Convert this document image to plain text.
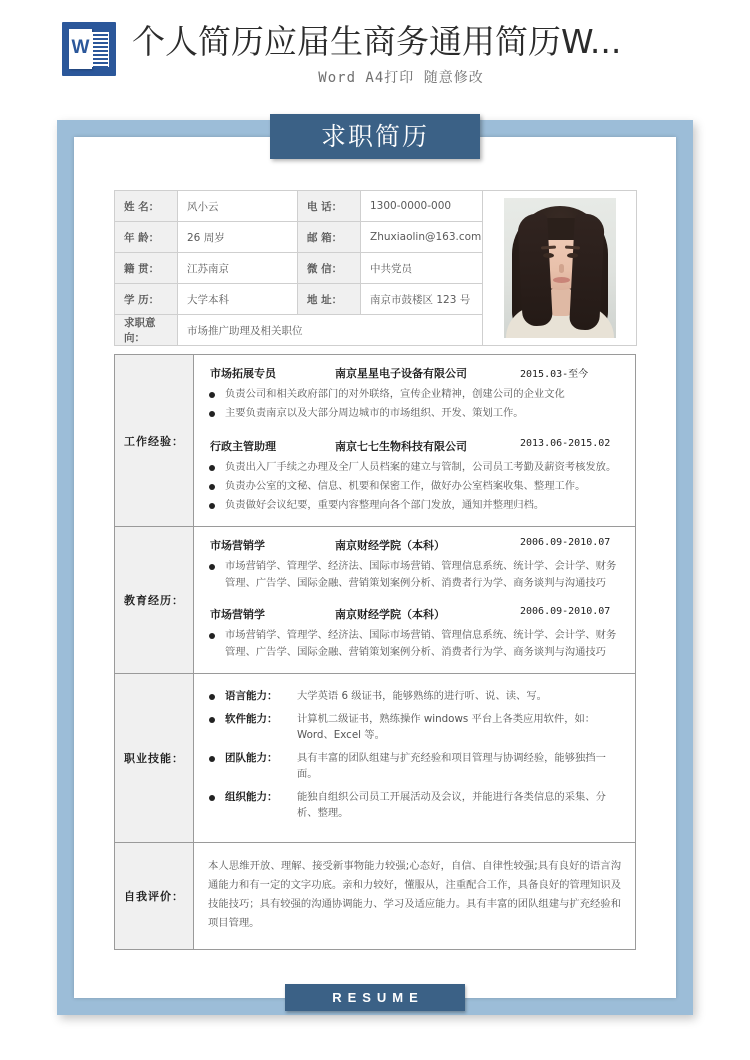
W 个人简历应届生商务通用简历W...
Word A4打印 随意修改
求职简历
姓 名：	风小云	电 话：	1300-0000-000	

年 龄：	26 周岁	邮 箱：	Zhuxiaolin@163.com	
籍 贯：	江苏南京	微 信：	中共党员	
学 历：	大学本科	地 址：	南京市鼓楼区 123 号	
求职意向：	市场推广助理及相关职位			
工作经验：	
市场拓展专员	南京星星电子设备有限公司	2015.03-至今
负责公司和相关政府部门的对外联络，宣传企业精神，创建公司的企业文化
主要负责南京以及大部分周边城市的市场组织、开发、策划工作。
行政主管助理	南京七七生物科技有限公司	2013.06-2015.02
负责出入厂手续之办理及全厂人员档案的建立与管制，公司员工考勤及薪资考核发放。
负责办公室的文秘、信息、机要和保密工作，做好办公室档案收集、整理工作。
负责做好会议纪要，重要内容整理向各个部门发放，通知并整理归档。
教育经历：	
市场营销学	南京财经学院（本科）	2006.09-2010.07
市场营销学、管理学、经济法、国际市场营销、管理信息系统、统计学、会计学、财务管理、广告学、国际金融、营销策划案例分析、消费者行为学、商务谈判与沟通技巧
市场营销学	南京财经学院（本科）	2006.09-2010.07
市场营销学、管理学、经济法、国际市场营销、管理信息系统、统计学、会计学、财务管理、广告学、国际金融、营销策划案例分析、消费者行为学、商务谈判与沟通技巧
职业技能：	
语言能力：	大学英语 6 级证书，能够熟练的进行听、说、读、写。
软件能力：	计算机二级证书，熟练操作 windows 平台上各类应用软件，如：Word、Excel 等。
团队能力：	具有丰富的团队组建与扩充经验和项目管理与协调经验，能够独挡一面。
组织能力：	能独自组织公司员工开展活动及会议，并能进行各类信息的采集、分析、整理。
自我评价：	

本人思维开放、理解、接受新事物能力较强;心态好，自信、自律性较强;具有良好的语言沟通能力和有一定的文字功底。亲和力较好，懂服从，注重配合工作，具备良好的管理知识及技能技巧；具有较强的沟通协调能力、学习及适应能力。具有丰富的团队组建与扩充经验和项目管理。

RESUME
